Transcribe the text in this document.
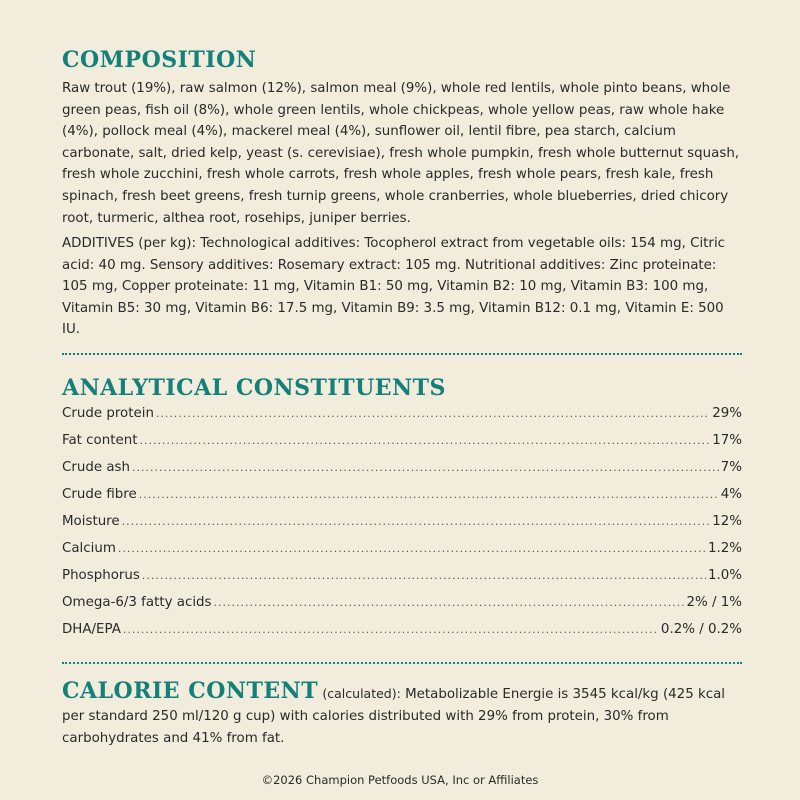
COMPOSITION
Raw trout (19%), raw salmon (12%), salmon meal (9%), whole red lentils, whole pinto beans, whole green peas, fish oil (8%), whole green lentils, whole chickpeas, whole yellow peas, raw whole hake (4%), pollock meal (4%), mackerel meal (4%), sunflower oil, lentil fibre, pea starch, calcium carbonate, salt, dried kelp, yeast (s. cerevisiae), fresh whole pumpkin, fresh whole butternut squash, fresh whole zucchini, fresh whole carrots, fresh whole apples, fresh whole pears, fresh kale, fresh spinach, fresh beet greens, fresh turnip greens, whole cranberries, whole blueberries, dried chicory root, turmeric, althea root, rosehips, juniper berries.
ADDITIVES (per kg): Technological additives: Tocopherol extract from vegetable oils: 154 mg, Citric acid: 40 mg. Sensory additives: Rosemary extract: 105 mg. Nutritional additives: Zinc proteinate: 105 mg, Copper proteinate: 11 mg, Vitamin B1: 50 mg, Vitamin B2: 10 mg, Vitamin B3: 100 mg, Vitamin B5: 30 mg, Vitamin B6: 17.5 mg, Vitamin B9: 3.5 mg, Vitamin B12: 0.1 mg, Vitamin E: 500 IU.
ANALYTICAL CONSTITUENTS
Crude protein .....	29%
Fat content .....	17%
Crude ash .....	7%
Crude fibre .....	4%
Moisture .....	12%
Calcium .....	1.2%
Phosphorus .....	1.0%
Omega-6/3 fatty acids .....	2% / 1%
DHA/EPA .....	0.2% / 0.2%
CALORIE CONTENT (calculated): Metabolizable Energie is 3545 kcal/kg (425 kcal per standard 250 ml/120 g cup) with calories distributed with 29% from protein, 30% from carbohydrates and 41% from fat.
©2026 Champion Petfoods USA, Inc or Affiliates
